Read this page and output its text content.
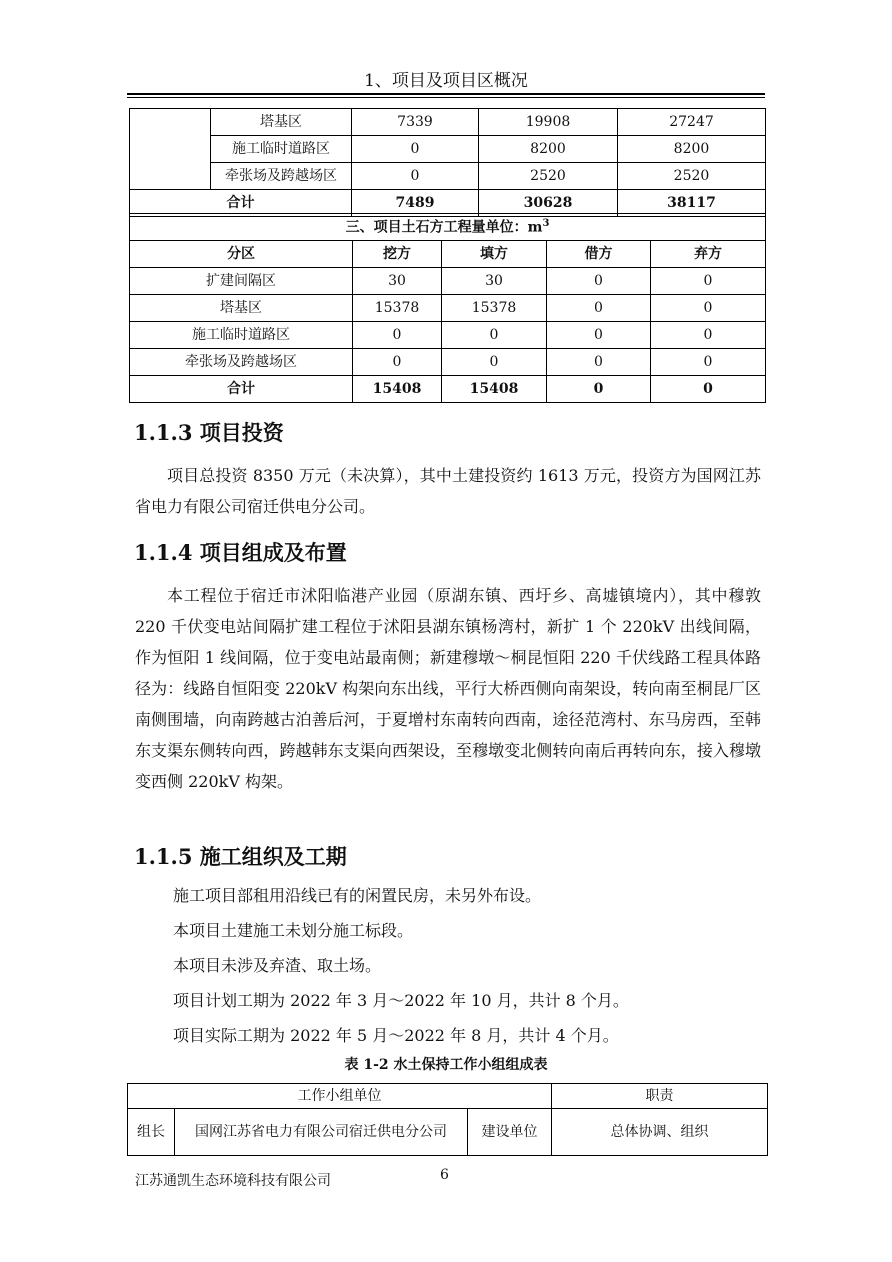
1、项目及项目区概况
	塔基区	7339	19908	27247
	施工临时道路区	0	8200	8200
	牵张场及跨越场区	0	2520	2520
合计		7489	30628	38117
三、项目土石方工程量单位：$m^3$
分区	挖方	填方	借方	弃方
扩建间隔区	30	30	0	0
塔基区	15378	15378	0	0
施工临时道路区	0	0	0	0
牵张场及跨越场区	0	0	0	0
合计	15408	15408	0	0
1.1.3 项目投资

项目总投资 8350 万元（未决算），其中土建投资约 1613 万元，投资方为国网江苏省电力有限公司宿迁供电分公司。

1.1.4 项目组成及布置

本工程位于宿迁市沭阳临港产业园（原湖东镇、西圩乡、高墟镇境内），其中穆敦 220 千伏变电站间隔扩建工程位于沭阳县湖东镇杨湾村，新扩 1 个 220kV 出线间隔，作为恒阳 1 线间隔，位于变电站最南侧；新建穆墩～桐昆恒阳 220 千伏线路工程具体路径为：线路自恒阳变 220kV 构架向东出线，平行大桥西侧向南架设，转向南至桐昆厂区南侧围墙，向南跨越古泊善后河，于夏增村东南转向西南，途径范湾村、东马房西，至韩东支渠东侧转向西，跨越韩东支渠向西架设，至穆墩变北侧转向南后再转向东，接入穆墩变西侧 220kV 构架。

1.1.5 施工组织及工期

施工项目部租用沿线已有的闲置民房，未另外布设。

本项目土建施工未划分施工标段。

本项目未涉及弃渣、取土场。

项目计划工期为 2022 年 3 月～2022 年 10 月，共计 8 个月。

项目实际工期为 2022 年 5 月～2022 年 8 月，共计 4 个月。

表 1-2 水土保持工作小组组成表
工作小组单位			职责
组长	国网江苏省电力有限公司宿迁供电分公司	建设单位	总体协调、组织
江苏通凯生态环境科技有限公司	6
